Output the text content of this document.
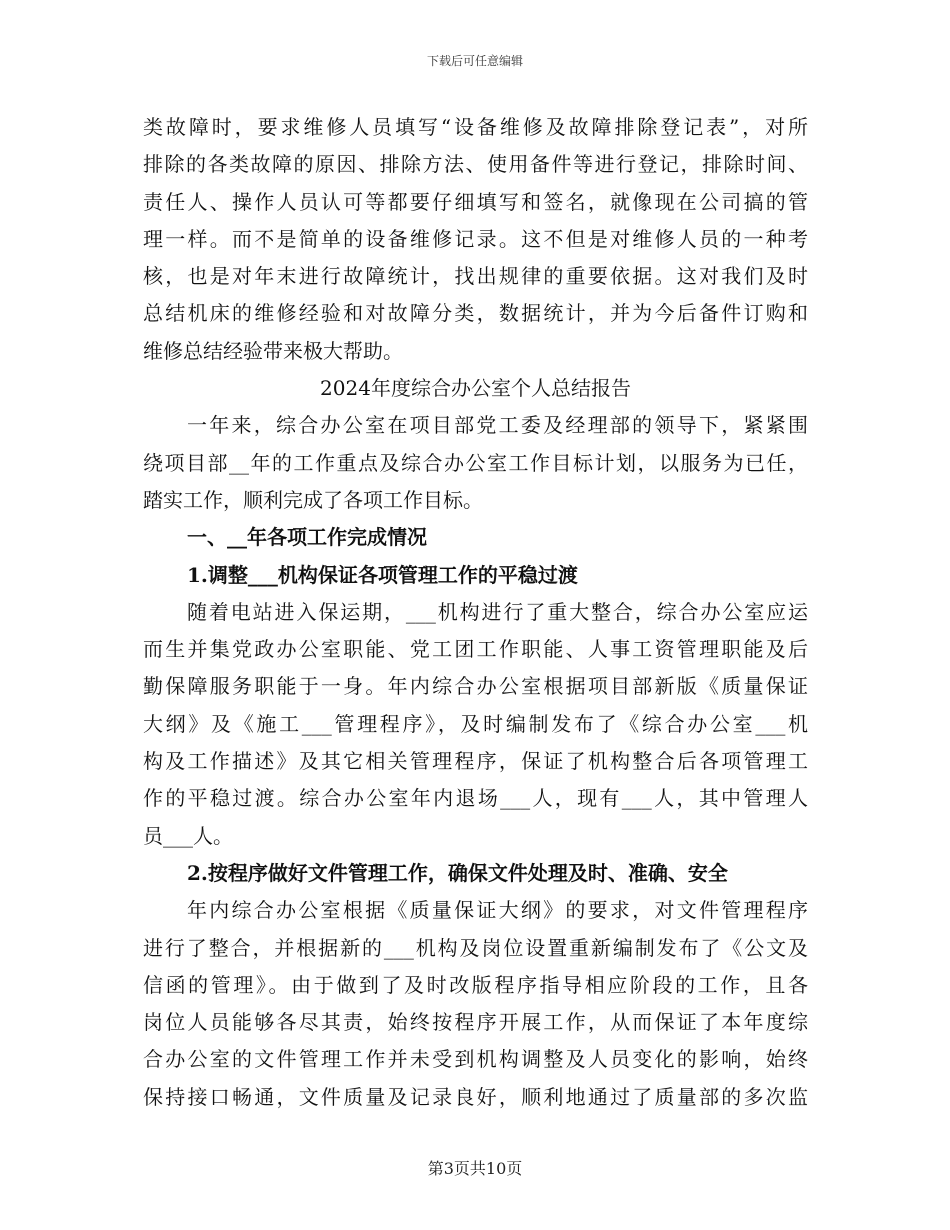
下载后可任意编辑
类故障时，要求维修人员填写“设备维修及故障排除登记表”，对所
排除的各类故障的原因、排除方法、使用备件等进行登记，排除时间、
责任人、操作人员认可等都要仔细填写和签名，就像现在公司搞的管
理一样。而不是简单的设备维修记录。这不但是对维修人员的一种考
核，也是对年末进行故障统计，找出规律的重要依据。这对我们及时
总结机床的维修经验和对故障分类，数据统计，并为今后备件订购和
维修总结经验带来极大帮助。
2024年度综合办公室个人总结报告
一年来，综合办公室在项目部党工委及经理部的领导下，紧紧围
绕项目部__年的工作重点及综合办公室工作目标计划，以服务为已任，
踏实工作，顺利完成了各项工作目标。
一、__年各项工作完成情况
1.调整___机构保证各项管理工作的平稳过渡
随着电站进入保运期，___机构进行了重大整合，综合办公室应运
而生并集党政办公室职能、党工团工作职能、人事工资管理职能及后
勤保障服务职能于一身。年内综合办公室根据项目部新版《质量保证
大纲》及《施工___管理程序》，及时编制发布了《综合办公室___机
构及工作描述》及其它相关管理程序，保证了机构整合后各项管理工
作的平稳过渡。综合办公室年内退场___人，现有___人，其中管理人
员___人。
2.按程序做好文件管理工作，确保文件处理及时、准确、安全
年内综合办公室根据《质量保证大纲》的要求，对文件管理程序
进行了整合，并根据新的___机构及岗位设置重新编制发布了《公文及
信函的管理》。由于做到了及时改版程序指导相应阶段的工作，且各
岗位人员能够各尽其责，始终按程序开展工作，从而保证了本年度综
合办公室的文件管理工作并未受到机构调整及人员变化的影响，始终
保持接口畅通，文件质量及记录良好，顺利地通过了质量部的多次监
第3页共10页
